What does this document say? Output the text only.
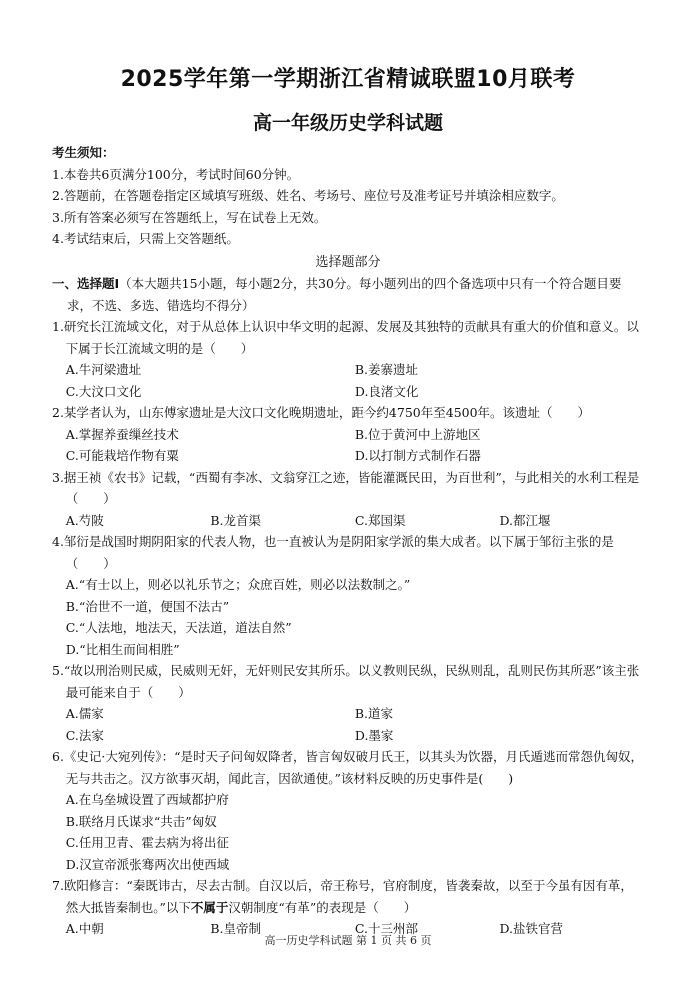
2025学年第一学期浙江省精诚联盟10月联考
高一年级历史学科试题
考生须知：
1.本卷共6页满分100分，考试时间60分钟。
2.答题前，在答题卷指定区域填写班级、姓名、考场号、座位号及准考证号并填涂相应数字。
3.所有答案必须写在答题纸上，写在试卷上无效。
4.考试结束后，只需上交答题纸。
选择题部分
一、选择题Ⅰ（本大题共15小题，每小题2分，共30分。每小题列出的四个备选项中只有一个符合题目要求，不选、多选、错选均不得分）
1.研究长江流域文化，对于从总体上认识中华文明的起源、发展及其独特的贡献具有重大的价值和意义。以下属于长江流域文明的是（　　）
A.牛河梁遗址	B.姜寨遗址
C.大汶口文化	D.良渚文化
2.某学者认为，山东傅家遗址是大汶口文化晚期遗址，距今约4750年至4500年。该遗址（　　）
A.掌握养蚕缫丝技术	B.位于黄河中上游地区
C.可能栽培作物有粟	D.以打制方式制作石器
3.据王祯《农书》记载，“西蜀有李冰、文翁穿江之迹，皆能灌溉民田，为百世利”，与此相关的水利工程是（　　）
A.芍陂	B.龙首渠	C.郑国渠	D.都江堰
4.邹衍是战国时期阴阳家的代表人物，也一直被认为是阴阳家学派的集大成者。以下属于邹衍主张的是（　　）
A.“有士以上，则必以礼乐节之；众庶百姓，则必以法数制之。”
B.“治世不一道，便国不法古”
C.“人法地，地法天，天法道，道法自然”
D.“比相生而间相胜”
5.“故以刑治则民威，民威则无奸，无奸则民安其所乐。以义教则民纵，民纵则乱，乱则民伤其所恶”该主张最可能来自于（　　）
A.儒家	B.道家
C.法家	D.墨家
6.《史记·大宛列传》：“是时天子问匈奴降者，皆言匈奴破月氏王，以其头为饮器，月氏遁逃而常怨仇匈奴，无与共击之。汉方欲事灭胡，闻此言，因欲通使。”该材料反映的历史事件是(　　)
A.在乌垒城设置了西域都护府
B.联络月氏谋求“共击”匈奴
C.任用卫青、霍去病为将出征
D.汉宣帝派张骞两次出使西域
7.欧阳修言：“秦既讳古，尽去古制。自汉以后，帝王称号，官府制度，皆袭秦故，以至于今虽有因有革，然大抵皆秦制也。”以下不属于汉朝制度“有革”的表现是（　　）
A.中朝	B.皇帝制	C.十三州部	D.盐铁官营
高一历史学科试题 第 1 页 共 6 页
